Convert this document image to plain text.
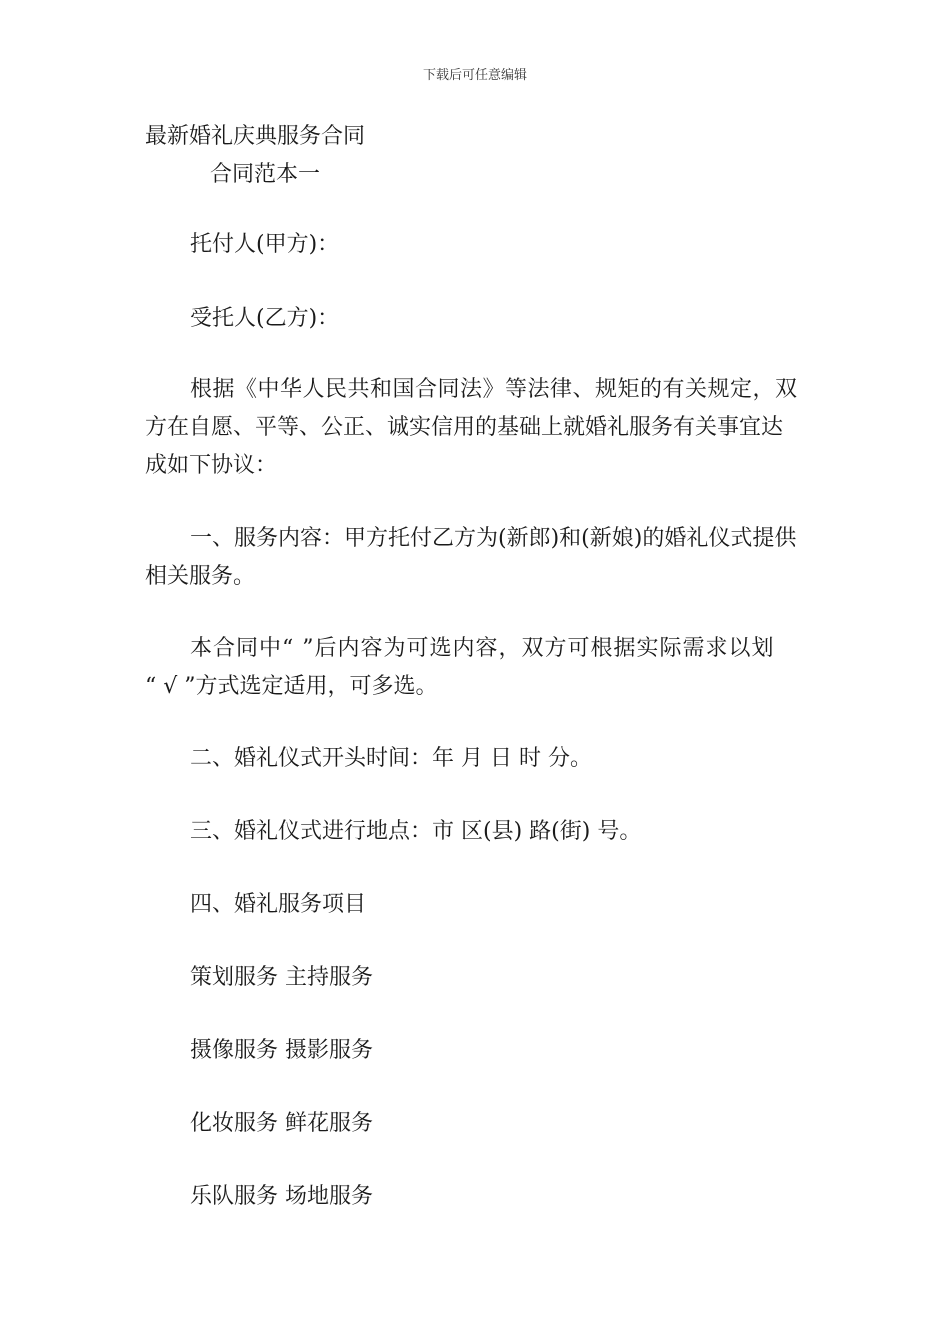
下载后可任意编辑
最新婚礼庆典服务合同
合同范本一
托付人(甲方)：
受托人(乙方)：
根据《中华人民共和国合同法》等法律、规矩的有关规定，双
方在自愿、平等、公正、诚实信用的基础上就婚礼服务有关事宜达
成如下协议：
一、服务内容：甲方托付乙方为(新郎)和(新娘)的婚礼仪式提供
相关服务。
本合同中“ ”后内容为可选内容，双方可根据实际需求以划
“ √ ”方式选定适用，可多选。
二、婚礼仪式开头时间：年 月 日 时 分。
三、婚礼仪式进行地点：市 区(县) 路(街) 号。
四、婚礼服务项目
策划服务 主持服务
摄像服务 摄影服务
化妆服务 鲜花服务
乐队服务 场地服务
